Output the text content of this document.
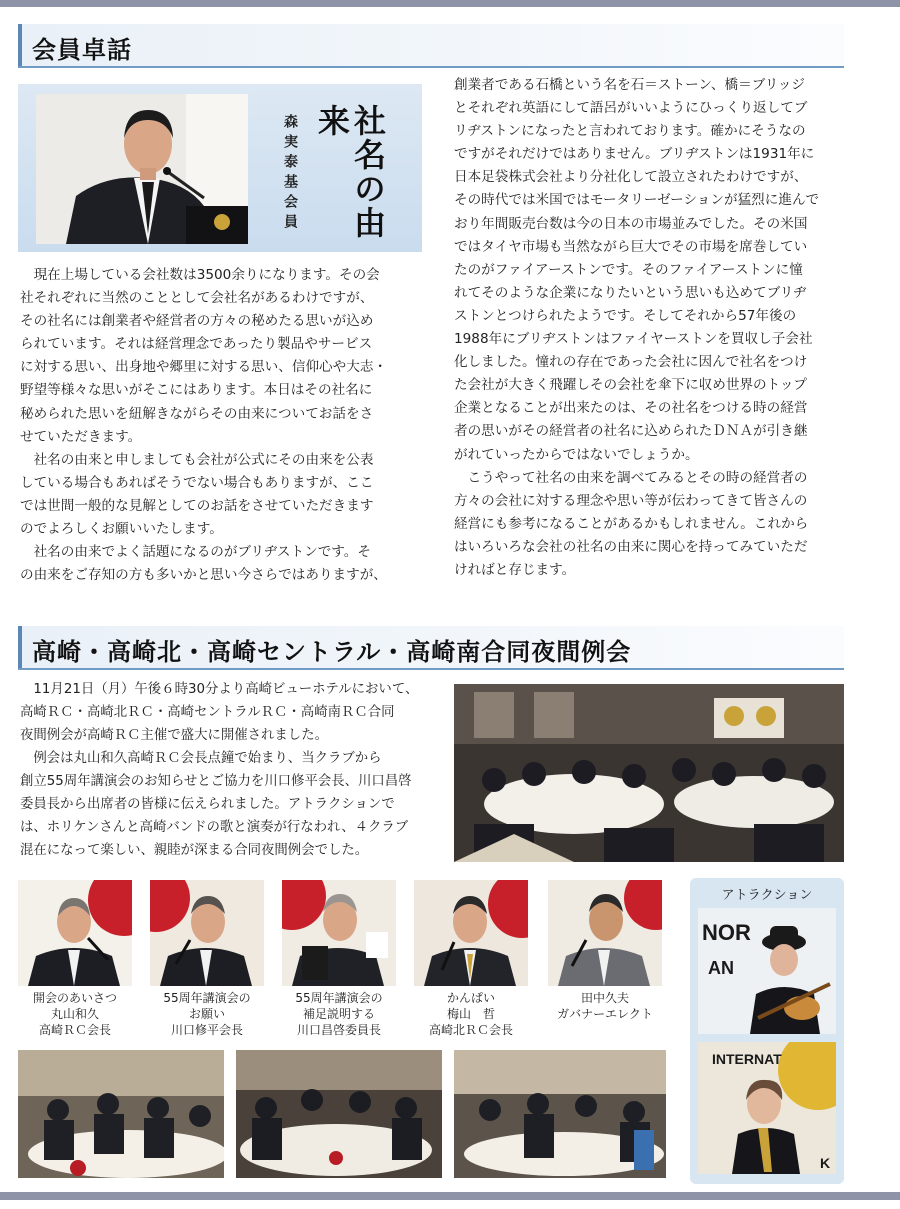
会員卓話
社名の由来
森実泰基会員
　現在上場している会社数は3500余りになります。その会
社それぞれに当然のこととして会社名があるわけですが、
その社名には創業者や経営者の方々の秘めたる思いが込め
られています。それは経営理念であったり製品やサービス
に対する思い、出身地や郷里に対する思い、信仰心や大志・
野望等様々な思いがそこにはあります。本日はその社名に
秘められた思いを紐解きながらその由来についてお話をさ
せていただきます。
　社名の由来と申しましても会社が公式にその由来を公表
している場合もあればそうでない場合もありますが、ここ
では世間一般的な見解としてのお話をさせていただきます
のでよろしくお願いいたします。
　社名の由来でよく話題になるのがブリヂストンです。そ
の由来をご存知の方も多いかと思い今さらではありますが、
創業者である石橋という名を石＝ストーン、橋＝ブリッジ
とそれぞれ英語にして語呂がいいようにひっくり返してブ
リヂストンになったと言われております。確かにそうなの
ですがそれだけではありません。ブリヂストンは1931年に
日本足袋株式会社より分社化して設立されたわけですが、
その時代では米国ではモータリーゼーションが猛烈に進んで
おり年間販売台数は今の日本の市場並みでした。その米国
ではタイヤ市場も当然ながら巨大でその市場を席巻してい
たのがファイアーストンです。そのファイアーストンに憧
れてそのような企業になりたいという思いも込めてブリヂ
ストンとつけられたようです。そしてそれから57年後の
1988年にブリヂストンはファイヤーストンを買収し子会社
化しました。憧れの存在であった会社に因んで社名をつけ
た会社が大きく飛躍しその会社を傘下に収め世界のトップ
企業となることが出来たのは、その社名をつける時の経営
者の思いがその経営者の社名に込められたＤＮＡが引き継
がれていったからではないでしょうか。
　こうやって社名の由来を調べてみるとその時の経営者の
方々の会社に対する理念や思い等が伝わってきて皆さんの
経営にも参考になることがあるかもしれません。これから
はいろいろな会社の社名の由来に関心を持ってみていただ
ければと存じます。
高崎・高崎北・高崎セントラル・高崎南合同夜間例会
　11月21日（月）午後６時30分より高崎ビューホテルにおいて、
高崎ＲＣ・高崎北ＲＣ・高崎セントラルＲＣ・高崎南ＲＣ合同
夜間例会が高崎ＲＣ主催で盛大に開催されました。
　例会は丸山和久高崎ＲＣ会長点鐘で始まり、当クラブから
創立55周年講演会のお知らせとご協力を川口修平会長、川口昌啓
委員長から出席者の皆様に伝えられました。アトラクションで
は、ホリケンさんと高崎バンドの歌と演奏が行なわれ、４クラブ
混在になって楽しい、親睦が深まる合同夜間例会でした。
開会のあいさつ
丸山和久
高崎ＲＣ会長
55周年講演会の
お願い
川口修平会長
55周年講演会の
補足説明する
川口昌啓委員長
かんぱい
梅山　哲
高崎北ＲＣ会長
田中久夫
ガバナーエレクト
アトラクション
NOR
AN
INTERNAT
K
